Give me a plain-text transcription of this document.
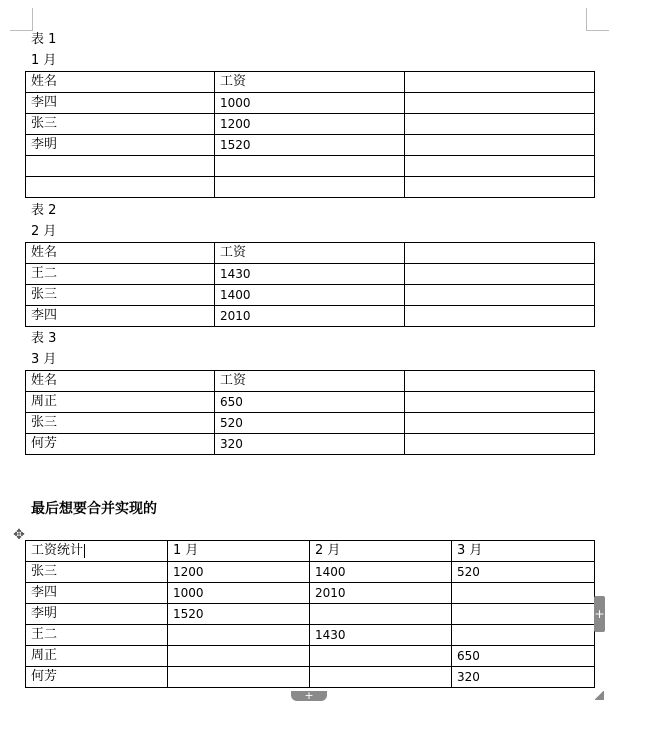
表 1
1 月
姓名	工资	
李四	1000	
张三	1200	
李明	1520	

表 2
2 月
姓名	工资	
王二	1430	
张三	1400	
李四	2010	
表 3
3 月
姓名	工资	
周正	650	
张三	520	
何芳	320	
最后想要合并实现的
✥
工资统计	1 月	2 月	3 月
张三	1200	1400	520
李四	1000	2010	
李明	1520		
王二		1430	
周正			650
何芳			320
+
+
